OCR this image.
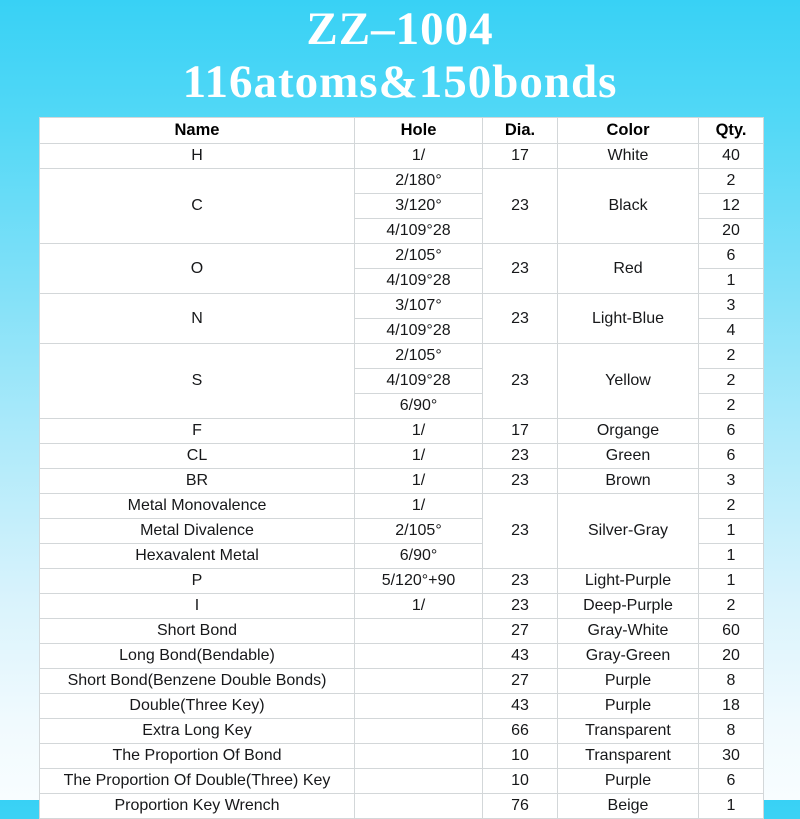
ZZ–1004
116atoms&150bonds
Name	Hole	Dia.	Color	Qty.
H	1/	17	White	40
C	2/180°	23	Black	2
	3/120°			12
	4/109°28			20
O	2/105°	23	Red	6
	4/109°28			1
N	3/107°	23	Light-Blue	3
	4/109°28			4
S	2/105°	23	Yellow	2
	4/109°28			2
	6/90°			2
F	1/	17	Organge	6
CL	1/	23	Green	6
BR	1/	23	Brown	3
Metal Monovalence	1/	23	Silver-Gray	2
Metal Divalence	2/105°			1
Hexavalent Metal	6/90°			1
P	5/120°+90	23	Light-Purple	1
I	1/	23	Deep-Purple	2
Short Bond		27	Gray-White	60
Long Bond(Bendable)		43	Gray-Green	20
Short Bond(Benzene Double Bonds)		27	Purple	8
Double(Three Key)		43	Purple	18
Extra Long Key		66	Transparent	8
The Proportion Of Bond		10	Transparent	30
The Proportion Of Double(Three) Key		10	Purple	6
Proportion Key Wrench		76	Beige	1
